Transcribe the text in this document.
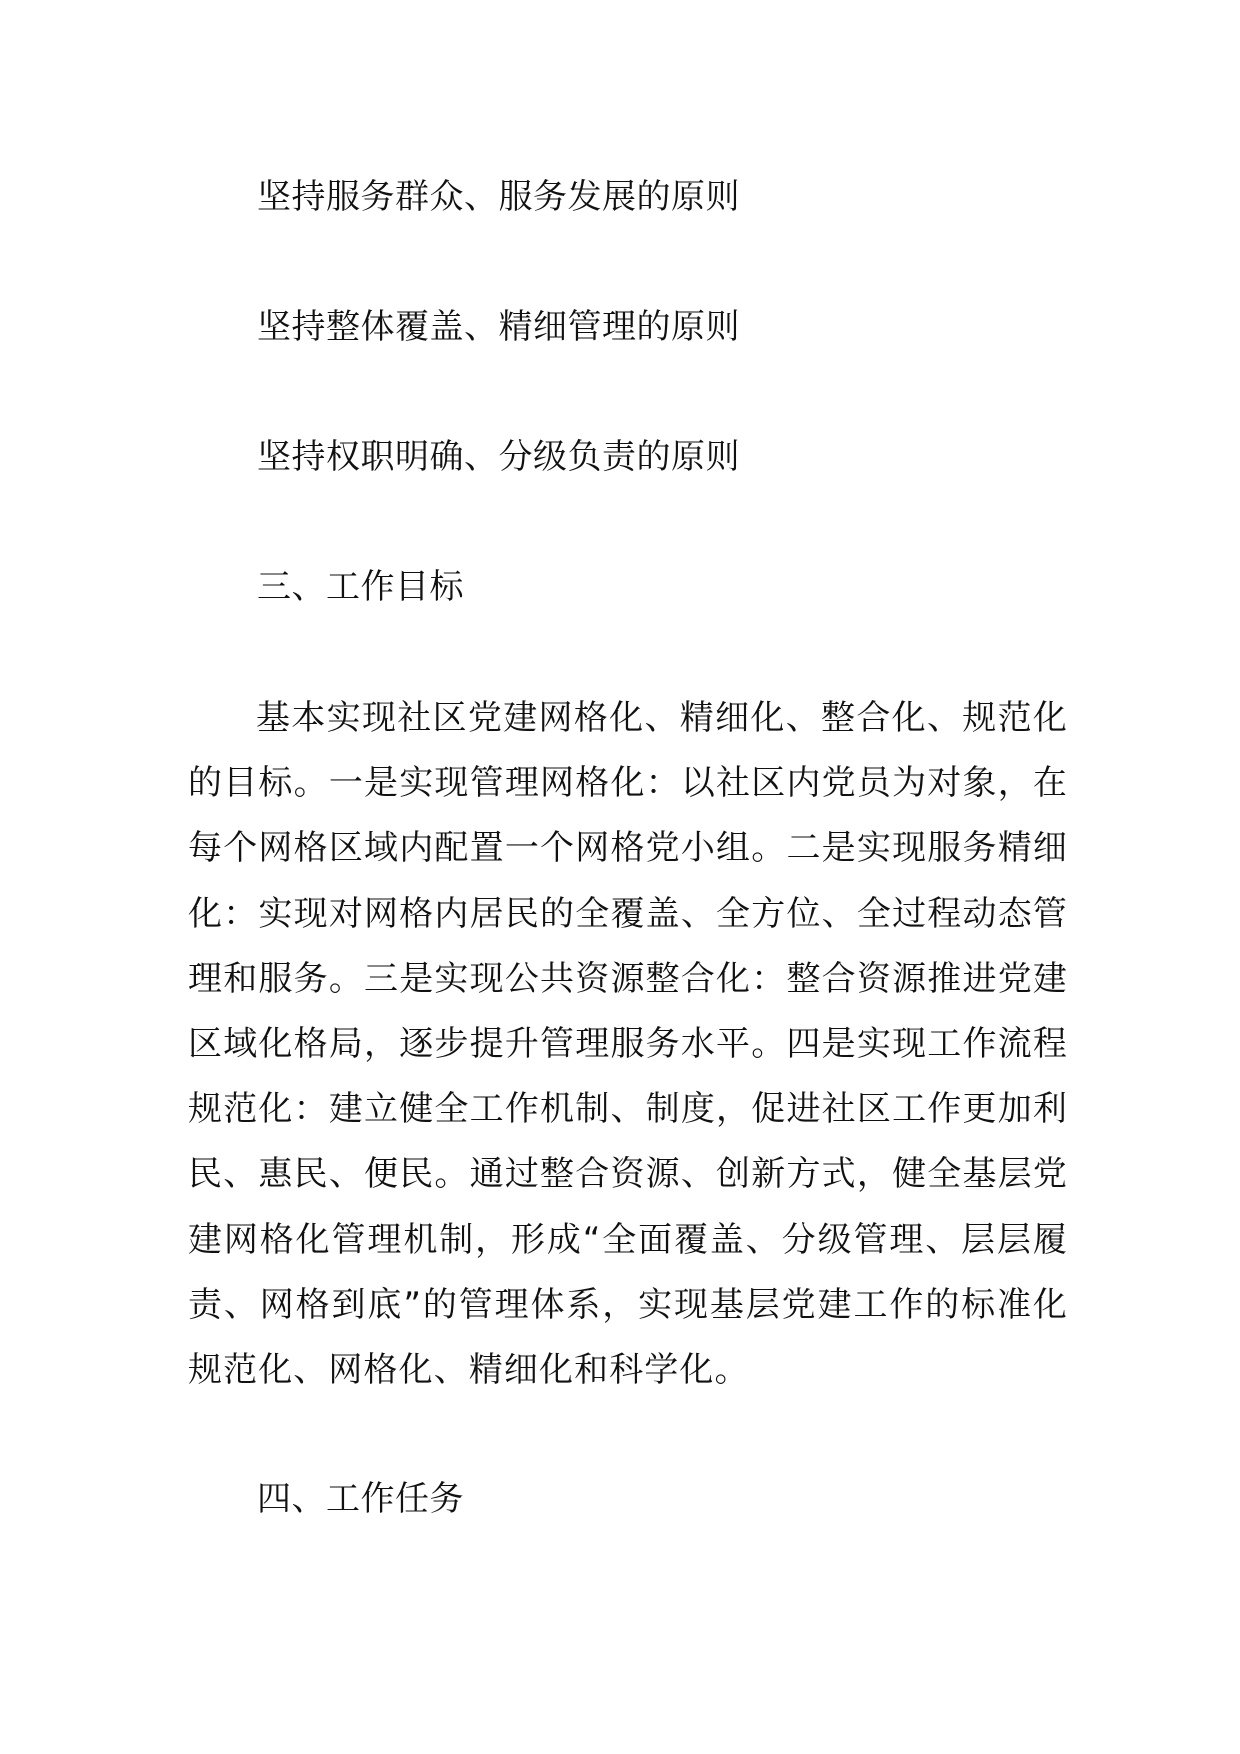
坚持服务群众、服务发展的原则

坚持整体覆盖、精细管理的原则

坚持权职明确、分级负责的原则

三、工作目标

基本实现社区党建网格化、精细化、整合化、规范化的目标。一是实现管理网格化：以社区内党员为对象，在每个网格区域内配置一个网格党小组。二是实现服务精细化：实现对网格内居民的全覆盖、全方位、全过程动态管理和服务。三是实现公共资源整合化：整合资源推进党建区域化格局，逐步提升管理服务水平。四是实现工作流程规范化：建立健全工作机制、制度，促进社区工作更加利民、惠民、便民。通过整合资源、创新方式，健全基层党建网格化管理机制，形成“全面覆盖、分级管理、层层履责、网格到底”的管理体系，实现基层党建工作的标准化规范化、网格化、精细化和科学化。

四、工作任务
